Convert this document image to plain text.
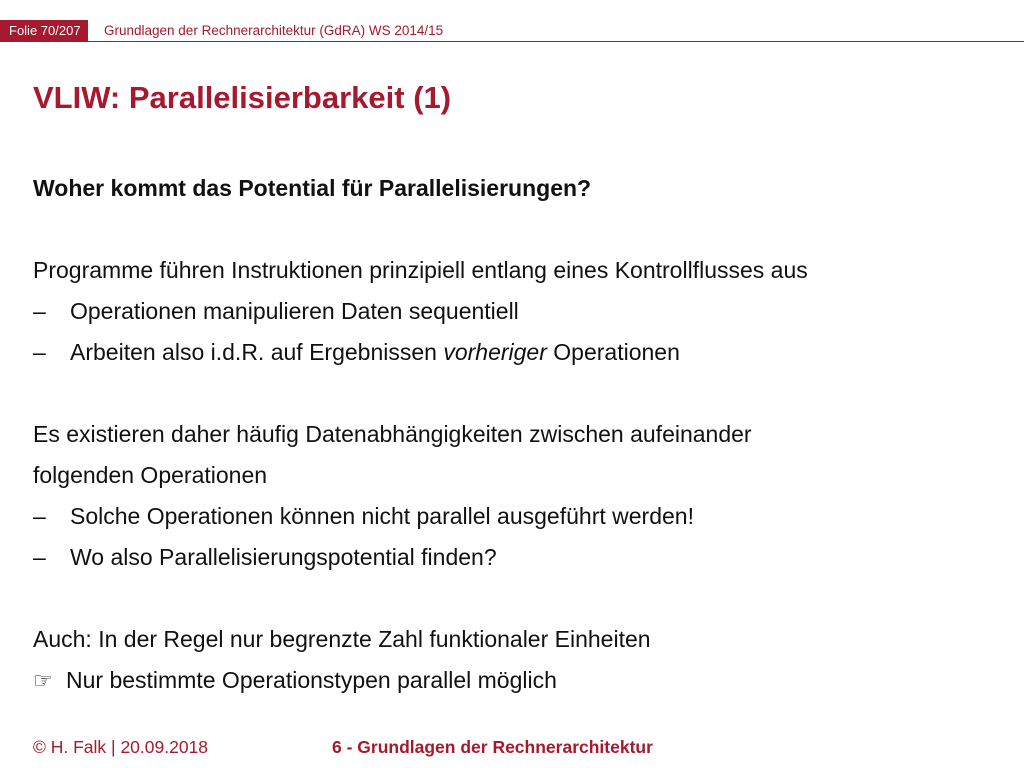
Folie 70/207	Grundlagen der Rechnerarchitektur (GdRA) WS 2014/15
VLIW: Parallelisierbarkeit (1)
Woher kommt das Potential für Parallelisierungen?
Programme führen Instruktionen prinzipiell entlang eines Kontrollflusses aus
– Operationen manipulieren Daten sequentiell
– Arbeiten also i.d.R. auf Ergebnissen vorheriger Operationen
Es existieren daher häufig Datenabhängigkeiten zwischen aufeinander
folgenden Operationen
– Solche Operationen können nicht parallel ausgeführt werden!
– Wo also Parallelisierungspotential finden?
Auch: In der Regel nur begrenzte Zahl funktionaler Einheiten
☞ Nur bestimmte Operationstypen parallel möglich
© H. Falk | 20.09.2018	6 - Grundlagen der Rechnerarchitektur
